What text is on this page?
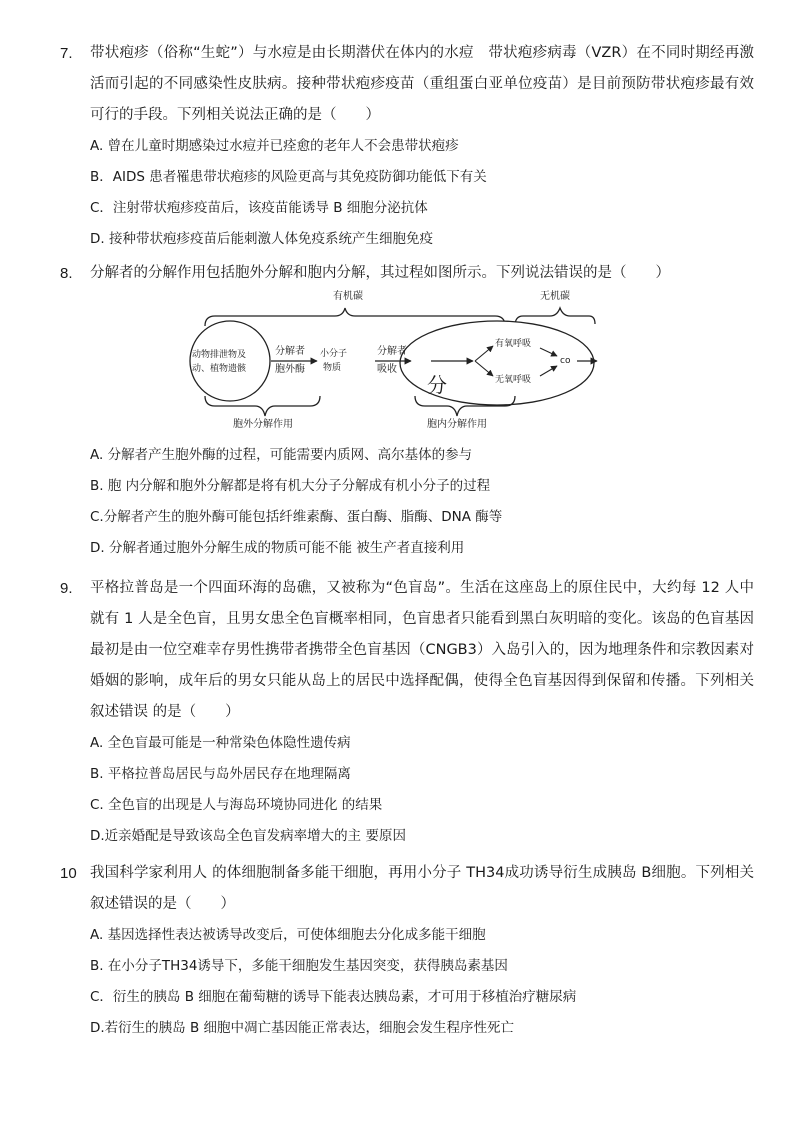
7. 带状疱疹（俗称“生蛇”）与水痘是由长期潜伏在体内的水痘　带状疱疹病毒（VZR）在不同时期经再激活而引起的不同感染性皮肤病。接种带状疱疹疫苗（重组蛋白亚单位疫苗）是目前预防带状疱疹最有效可行的手段。下列相关说法正确的是（　　）
A. 曾在儿童时期感染过水痘并已痊愈的老年人不会患带状疱疹
B．AIDS 患者罹患带状疱疹的风险更高与其免疫防御功能低下有关
C．注射带状疱疹疫苗后，该疫苗能诱导 B 细胞分泌抗体
D. 接种带状疱疹疫苗后能刺激人体免疫系统产生细胞免疫
8. 分解者的分解作用包括胞外分解和胞内分解，其过程如图所示。下列说法错误的是（　　）
有机碳	无机碳
动物排泄物及
动、植物遗骸
分解者
胞外酶
小分子
物质
分解者
吸收
有氧呼吸
无氧呼吸
co
分
胞外分解作用	胞内分解作用
A. 分解者产生胞外酶的过程，可能需要内质网、高尔基体的参与
B. 胞 内分解和胞外分解都是将有机大分子分解成有机小分子的过程
C.分解者产生的胞外酶可能包括纤维素酶、蛋白酶、脂酶、DNA 酶等
D. 分解者通过胞外分解生成的物质可能不能 被生产者直接利用
9. 平格拉普岛是一个四面环海的岛礁，又被称为“色盲岛”。生活在这座岛上的原住民中，大约每 12 人中就有 1 人是全色盲，且男女患全色盲概率相同，色盲患者只能看到黑白灰明暗的变化。该岛的色盲基因最初是由一位空难幸存男性携带者携带全色盲基因（CNGB3）入岛引入的，因为地理条件和宗教因素对婚姻的影响，成年后的男女只能从岛上的居民中选择配偶，使得全色盲基因得到保留和传播。下列相关叙述错误 的是（　　）
A. 全色盲最可能是一种常染色体隐性遗传病
B. 平格拉普岛居民与岛外居民存在地理隔离
C. 全色盲的出现是人与海岛环境协同进化 的结果
D.近亲婚配是导致该岛全色盲发病率增大的主 要原因
10 我国科学家利用人 的体细胞制备多能干细胞，再用小分子 TH34成功诱导衍生成胰岛 B细胞。下列相关叙述错误的是（　　）
A. 基因选择性表达被诱导改变后，可使体细胞去分化成多能干细胞
B. 在小分子TH34诱导下，多能干细胞发生基因突变，获得胰岛素基因
C．衍生的胰岛 B 细胞在葡萄糖的诱导下能表达胰岛素，才可用于移植治疗糖尿病
D.若衍生的胰岛 B 细胞中凋亡基因能正常表达，细胞会发生程序性死亡
